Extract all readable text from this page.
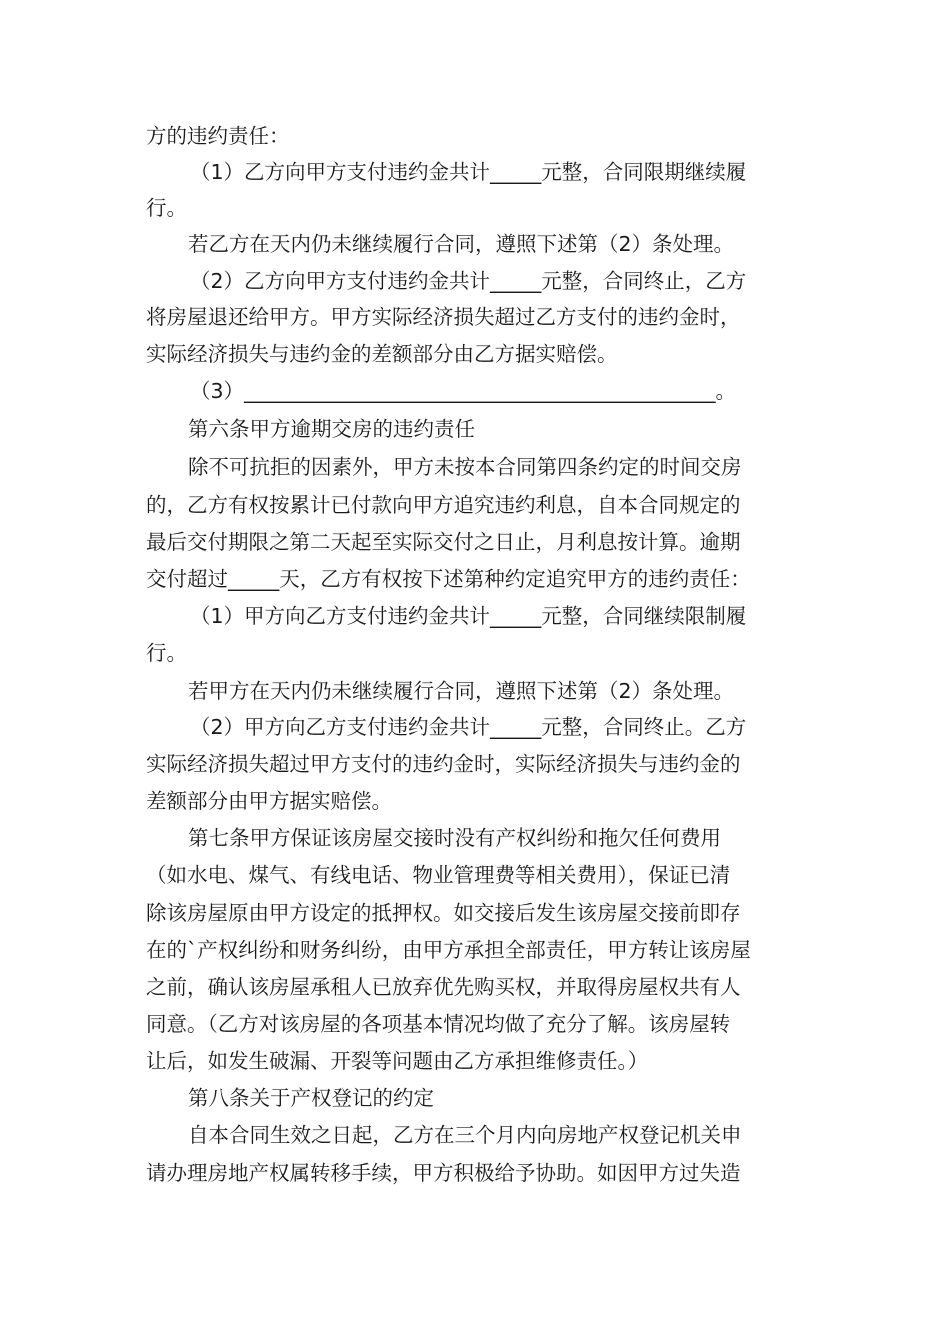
方的违约责任：
（1）乙方向甲方支付违约金共计_____元整，合同限期继续履
行。
若乙方在天内仍未继续履行合同，遵照下述第（2）条处理。
（2）乙方向甲方支付违约金共计_____元整，合同终止，乙方
将房屋退还给甲方。甲方实际经济损失超过乙方支付的违约金时，
实际经济损失与违约金的差额部分由乙方据实赔偿。
（3）______________________________________________。
第六条甲方逾期交房的违约责任
除不可抗拒的因素外，甲方未按本合同第四条约定的时间交房
的，乙方有权按累计已付款向甲方追究违约利息，自本合同规定的
最后交付期限之第二天起至实际交付之日止，月利息按计算。逾期
交付超过_____天，乙方有权按下述第种约定追究甲方的违约责任：
（1）甲方向乙方支付违约金共计_____元整，合同继续限制履
行。
若甲方在天内仍未继续履行合同，遵照下述第（2）条处理。
（2）甲方向乙方支付违约金共计_____元整，合同终止。乙方
实际经济损失超过甲方支付的违约金时，实际经济损失与违约金的
差额部分由甲方据实赔偿。
第七条甲方保证该房屋交接时没有产权纠纷和拖欠任何费用
（如水电、煤气、有线电话、物业管理费等相关费用），保证已清
除该房屋原由甲方设定的抵押权。如交接后发生该房屋交接前即存
在的`产权纠纷和财务纠纷，由甲方承担全部责任，甲方转让该房屋
之前，确认该房屋承租人已放弃优先购买权，并取得房屋权共有人
同意。（乙方对该房屋的各项基本情况均做了充分了解。该房屋转
让后，如发生破漏、开裂等问题由乙方承担维修责任。）
第八条关于产权登记的约定
自本合同生效之日起，乙方在三个月内向房地产权登记机关申
请办理房地产权属转移手续，甲方积极给予协助。如因甲方过失造
